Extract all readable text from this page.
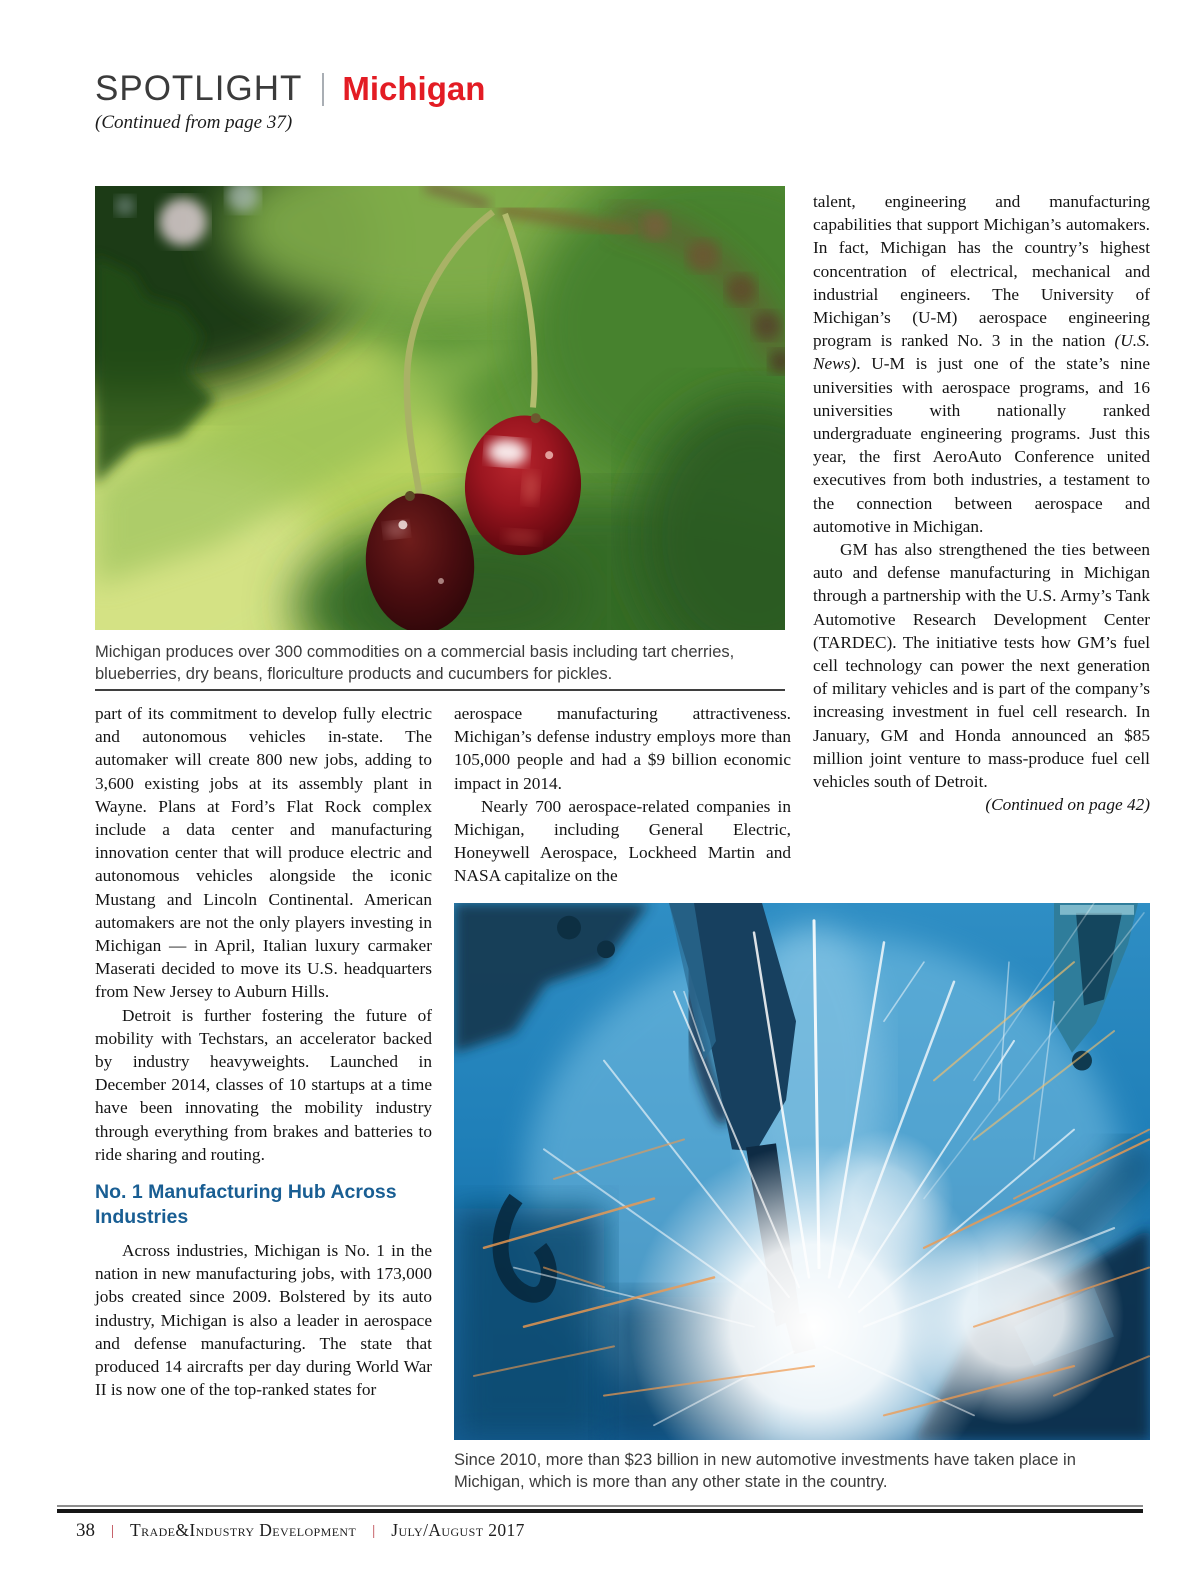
SPOTLIGHT Michigan
(Continued from page 37)
Michigan produces over 300 commodities on a commercial basis including tart cherries, blueberries, dry beans, floriculture products and cucumbers for pickles.

part of its commitment to develop fully electric and autonomous vehicles in-state. The automaker will create 800 new jobs, adding to 3,600 existing jobs at its assembly plant in Wayne. Plans at Ford’s Flat Rock complex include a data center and manufacturing innovation center that will produce electric and autonomous vehicles alongside the iconic Mustang and Lincoln Continental. American automakers are not the only players investing in Michigan — in April, Italian luxury carmaker Maserati decided to move its U.S. headquarters from New Jersey to Auburn Hills.

Detroit is further fostering the future of mobility with Techstars, an accelerator backed by industry heavyweights. Launched in December 2014, classes of 10 startups at a time have been innovating the mobility industry through everything from brakes and batteries to ride sharing and routing.

No. 1 Manufacturing Hub Across Industries

Across industries, Michigan is No. 1 in the nation in new manufacturing jobs, with 173,000 jobs created since 2009. Bolstered by its auto industry, Michigan is also a leader in aerospace and defense manufacturing. The state that produced 14 aircrafts per day during World War II is now one of the top-ranked states for

aerospace manufacturing attractiveness. Michigan’s defense industry employs more than 105,000 people and had a $9 billion economic impact in 2014.

Nearly 700 aerospace-related companies in Michigan, including General Electric, Honeywell Aerospace, Lockheed Martin and NASA capitalize on the

talent, engineering and manufacturing capabilities that support Michigan’s automakers. In fact, Michigan has the country’s highest concentration of electrical, mechanical and industrial engineers. The University of Michigan’s (U-M) aerospace engineering program is ranked No. 3 in the nation (U.S. News). U-M is just one of the state’s nine universities with aerospace programs, and 16 universities with nationally ranked undergraduate engineering programs. Just this year, the first AeroAuto Conference united executives from both industries, a testament to the connection between aerospace and automotive in Michigan.

GM has also strengthened the ties between auto and defense manufacturing in Michigan through a partnership with the U.S. Army’s Tank Automotive Research Development Center (TARDEC). The initiative tests how GM’s fuel cell technology can power the next generation of military vehicles and is part of the company’s increasing investment in fuel cell research. In January, GM and Honda announced an $85 million joint venture to mass-produce fuel cell vehicles south of Detroit.
(Continued on page 42)

Since 2010, more than $23 billion in new automotive investments have taken place in Michigan, which is more than any other state in the country.
38 | Trade&Industry Development | July/August 2017
